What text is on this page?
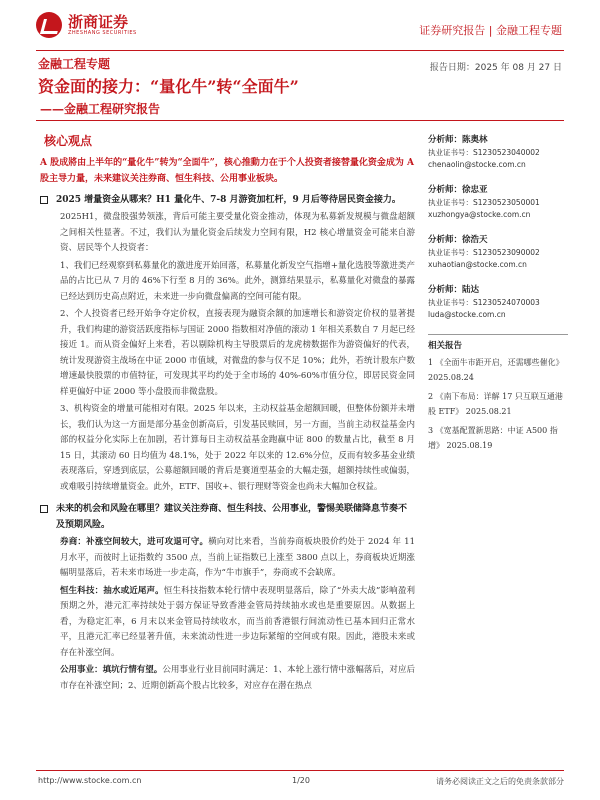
浙商证券
ZHESHANG SECURITIES	证券研究报告 | 金融工程专题
金融工程专题	报告日期：2025 年 08 月 27 日
资金面的接力：“量化牛”转“全面牛”
——金融工程研究报告
核心观点
A 股成將由上半年的“量化牛”转为“全面牛”，核心推動力在于个人投资者接替量化资金成为 A 股主导力量，未来建议关注券商、恒生科技、公用事业板块。
2025 增量资金从哪来？H1 量化牛、7-8 月游资加杠杆，9 月后等待居民资金接力。

2025H1，微盘股强势领涨，背后可能主要受量化资金推动，体现为私募新发规模与微盘超额之间相关性显著。不过，我们认为量化资金后续发力空间有限，H2 核心增量资金可能来自游资、居民等个人投资者：

1、我们已经观察到私募量化的激进度开始回落，私募量化新发空气指增+量化选股等激进类产品的占比已从 7 月的 46%下行至 8 月的 36%。此外，测算结果显示，私募量化对微盘的暴露已经达到历史高点附近，未来进一步向微盘偏离的空间可能有限。

2、个人投资者已经开始争夺定价权，直接表现为融资余额的加速增长和游资定价权的显著提升，我们构建的游资活跃度指标与国证 2000 指数相对净值的滚动 1 年相关系数自 7 月起已经接近 1。而从资金偏好上来看，若以剔除机构主导股票后的龙虎榜数据作为游资偏好的代表，统计发现游资主战场在中证 2000 市值域，对微盘的参与仅不足 10%；此外，若统计股东户数增速最快股票的市值特征，可发现其平均约处于全市场的 40%-60%市值分位，即居民资金同样更偏好中证 2000 等小盘股而非微盘股。

3、机构资金的增量可能相对有限。2025 年以来，主动权益基金超额回暖，但整体份额并未增长，我们认为这一方面是部分基金创新高后，引发基民赎回，另一方面，当前主动权益基金内部的权益分化实际上在加剧，若计算每日主动权益基金跑赢中证 800 的数量占比，截至 8 月 15 日，其滚动 60 日均值为 48.1%，处于 2022 年以来的 12.6%分位，反而有较多基金业绩表现落后，穿透到底层，公募超额回暖的背后是赛道型基金的大幅走强，超额持续性或偏弱，或难吸引持续增量资金。此外，ETF、国收+、银行理财等资金也尚未大幅加仓权益。

未来的机会和风险在哪里？建议关注券商、恒生科技、公用事业，警惕美联储降息节奏不及预期风险。

券商：补涨空间较大，进可攻退可守。横向对比来看，当前券商板块股价约处于 2024 年 11 月水平，而彼时上证指数约 3500 点，当前上证指数已上涨至 3800 点以上，券商板块近期涨幅明显落后，若未来市场进一步走高，作为“牛市旗手”，券商或不会缺席。

恒生科技：抽水或近尾声。恒生科技指数本轮行情中表现明显落后，除了“外卖大战”影响盈利预期之外，港元汇率持续处于弱方保证导致香港金管局持续抽水或也是重要原因。从数据上看，为稳定汇率，6 月末以来金管局持续收水，而当前香港银行间流动性已基本回归正常水平，且港元汇率已经显著升值，未来流动性进一步边际紧缩的空间或有限。因此，港股未来或存在补涨空间。

公用事业：填坑行情有望。公用事业行业目前同时满足：1、本轮上涨行情中涨幅落后，对应后市存在补涨空间；2、近期创新高个股占比较多，对应存在潜在热点

分析师：陈奥林
执业证书号：S1230523040002
chenaolin@stocke.com.cn
分析师：徐忠亚
执业证书号：S1230523050001
xuzhongya@stocke.com.cn
分析师：徐浩天
执业证书号：S1230523090002
xuhaotian@stocke.com.cn
分析师：陆达
执业证书号：S1230524070003
luda@stocke.com.cn
相关报告
1 《全面牛市距开启，还需哪些催化》 2025.08.24
2 《南下布局：详解 17 只互联互通港股 ETF》 2025.08.21
3 《宽基配置新思路：中证 A500 指增》 2025.08.19
http://www.stocke.com.cn	1/20	请务必阅读正文之后的免责条款部分
